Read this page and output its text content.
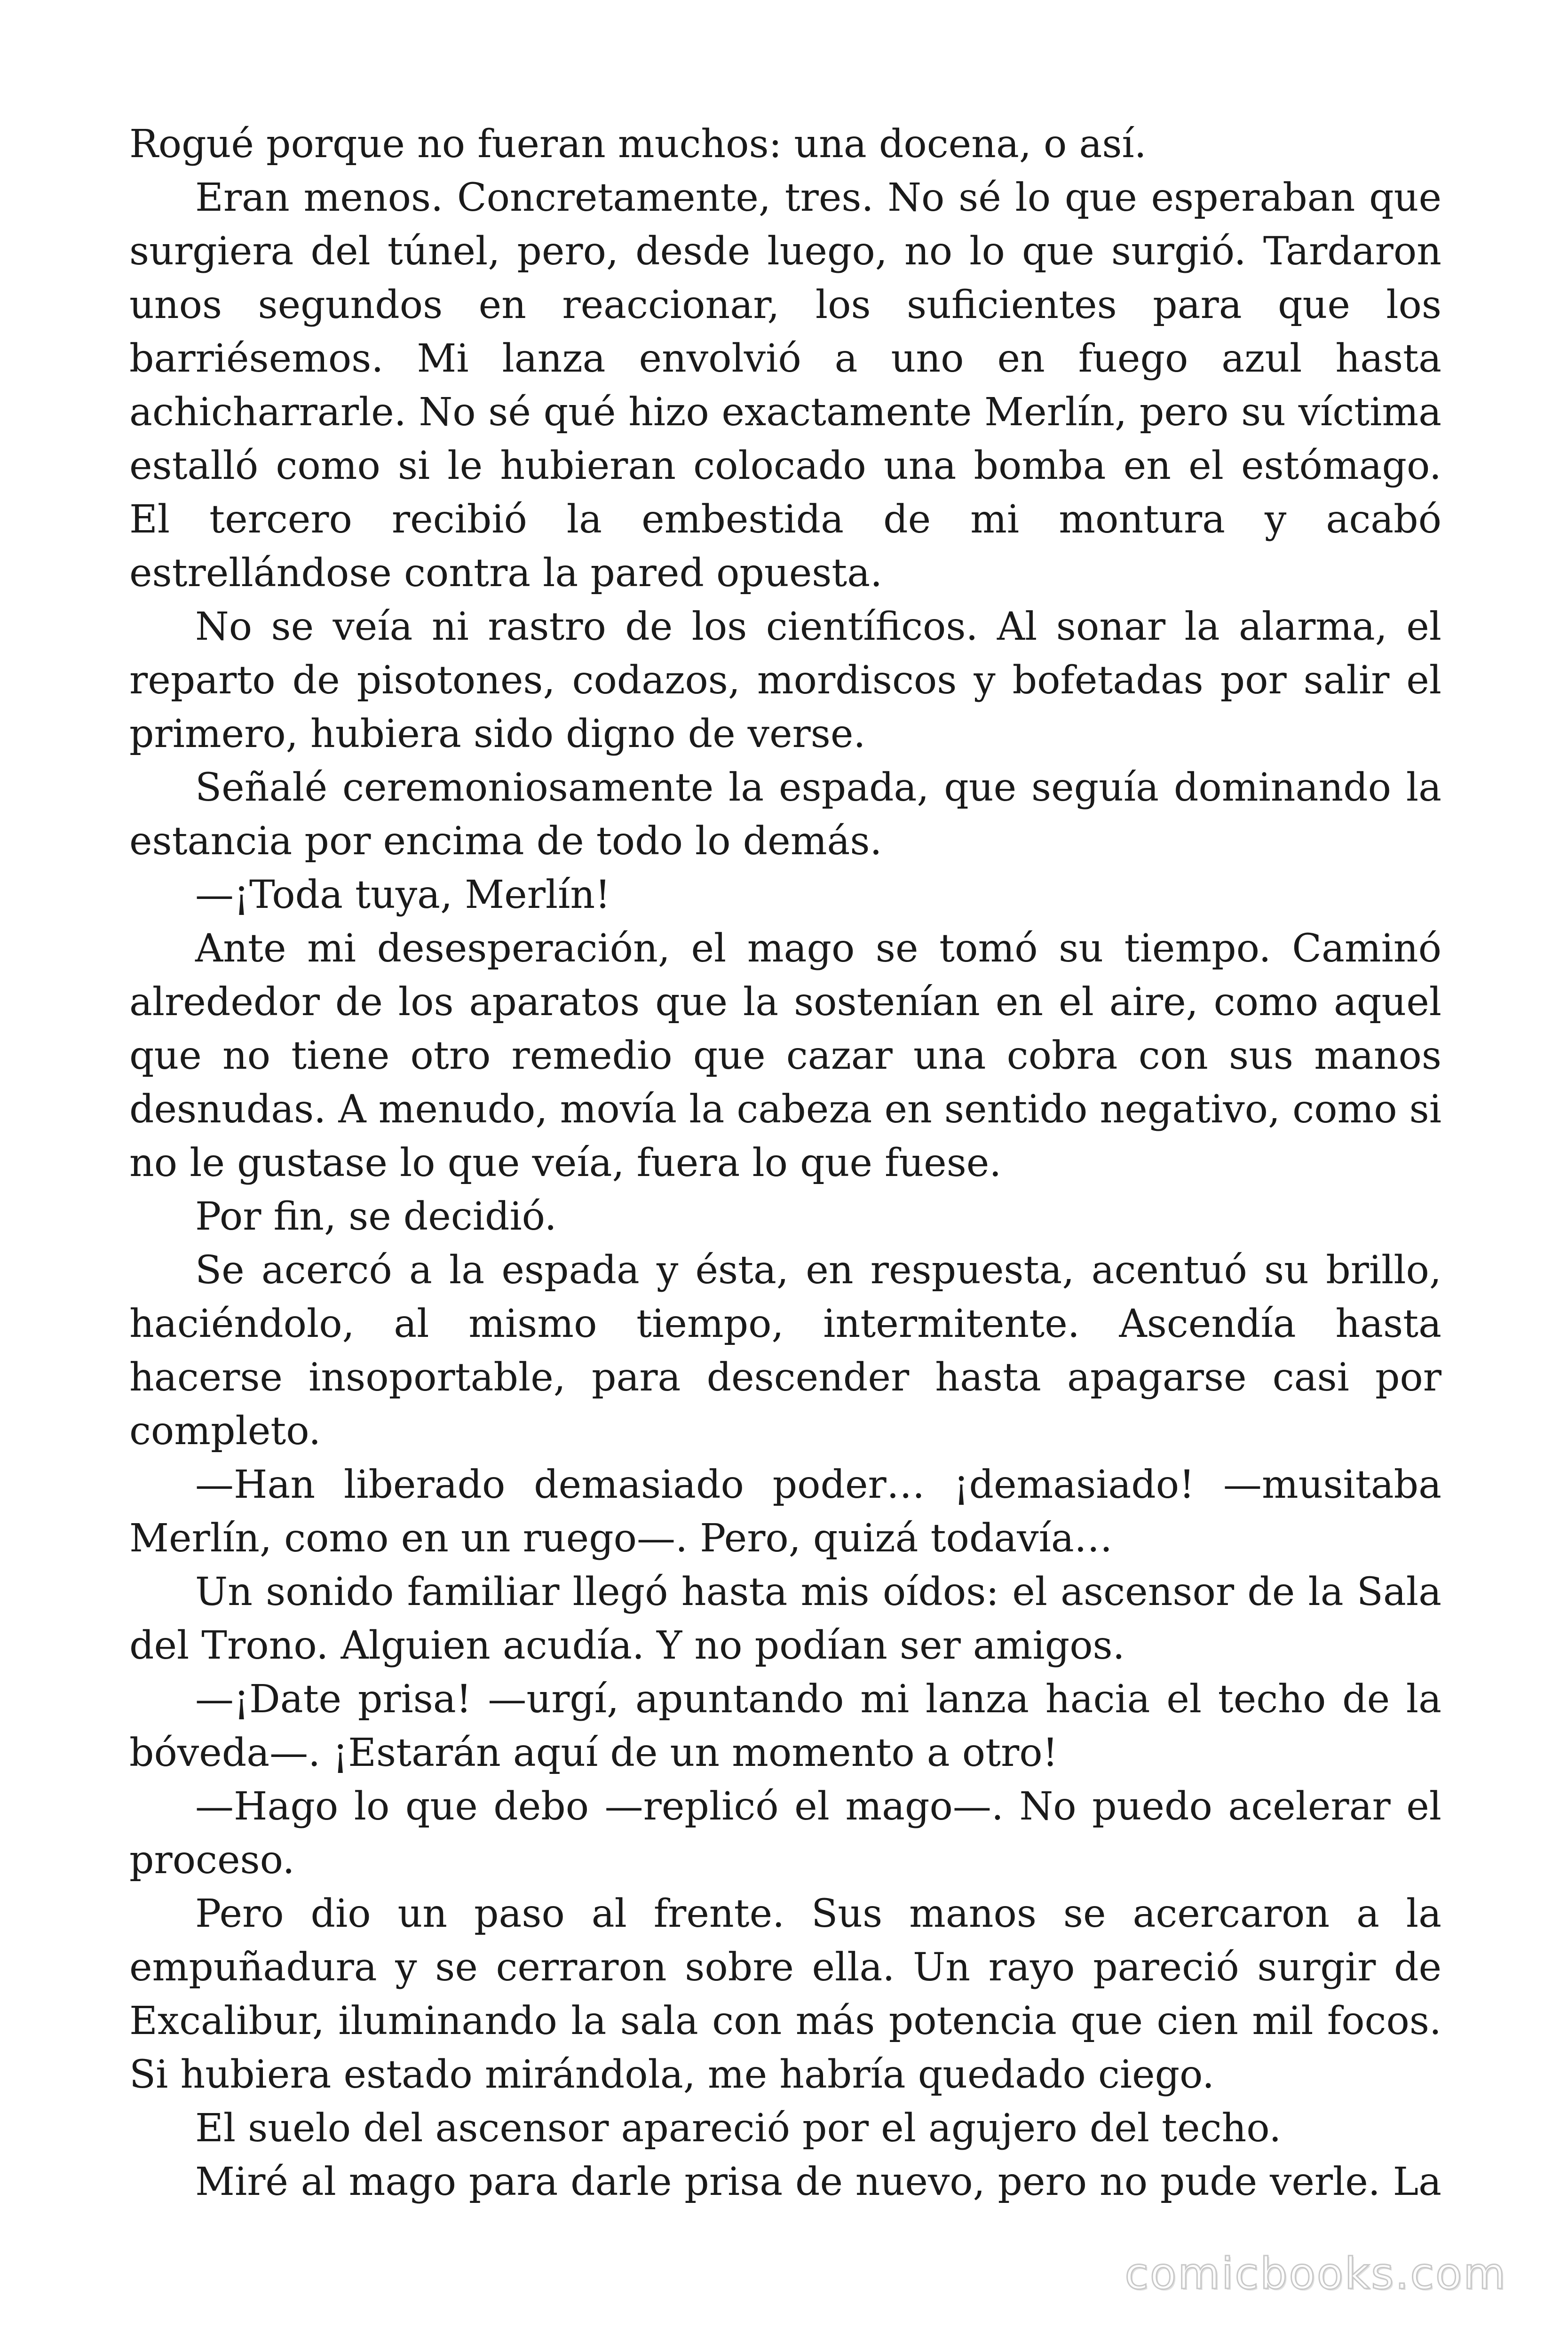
Rogué porque no fueran muchos: una docena, o así.

Eran menos. Concretamente, tres. No sé lo que esperaban que surgiera del túnel, pero, desde luego, no lo que surgió. Tardaron unos segundos en reaccionar, los suficientes para que los barriésemos. Mi lanza envolvió a uno en fuego azul hasta achicharrarle. No sé qué hizo exactamente Merlín, pero su víctima estalló como si le hubieran colocado una bomba en el estómago. El tercero recibió la embestida de mi montura y acabó estrellándose contra la pared opuesta.

No se veía ni rastro de los científicos. Al sonar la alarma, el reparto de pisotones, codazos, mordiscos y bofetadas por salir el primero, hubiera sido digno de verse.

Señalé ceremoniosamente la espada, que seguía dominando la estancia por encima de todo lo demás.

—¡Toda tuya, Merlín!

Ante mi desesperación, el mago se tomó su tiempo. Caminó alrededor de los aparatos que la sostenían en el aire, como aquel que no tiene otro remedio que cazar una cobra con sus manos desnudas. A menudo, movía la cabeza en sentido negativo, como si no le gustase lo que veía, fuera lo que fuese.

Por fin, se decidió.

Se acercó a la espada y ésta, en respuesta, acentuó su brillo, haciéndolo, al mismo tiempo, intermitente. Ascendía hasta hacerse insoportable, para descender hasta apagarse casi por completo.

—Han liberado demasiado poder… ¡demasiado! —musitaba Merlín, como en un ruego—. Pero, quizá todavía…

Un sonido familiar llegó hasta mis oídos: el ascensor de la Sala del Trono. Alguien acudía. Y no podían ser amigos.

—¡Date prisa! —urgí, apuntando mi lanza hacia el techo de la bóveda—. ¡Estarán aquí de un momento a otro!

—Hago lo que debo —replicó el mago—. No puedo acelerar el proceso.

Pero dio un paso al frente. Sus manos se acercaron a la empuñadura y se cerraron sobre ella. Un rayo pareció surgir de Excalibur, iluminando la sala con más potencia que cien mil focos. Si hubiera estado mirándola, me habría quedado ciego.

El suelo del ascensor apareció por el agujero del techo.

Miré al mago para darle prisa de nuevo, pero no pude verle. La

comicbooks.com
